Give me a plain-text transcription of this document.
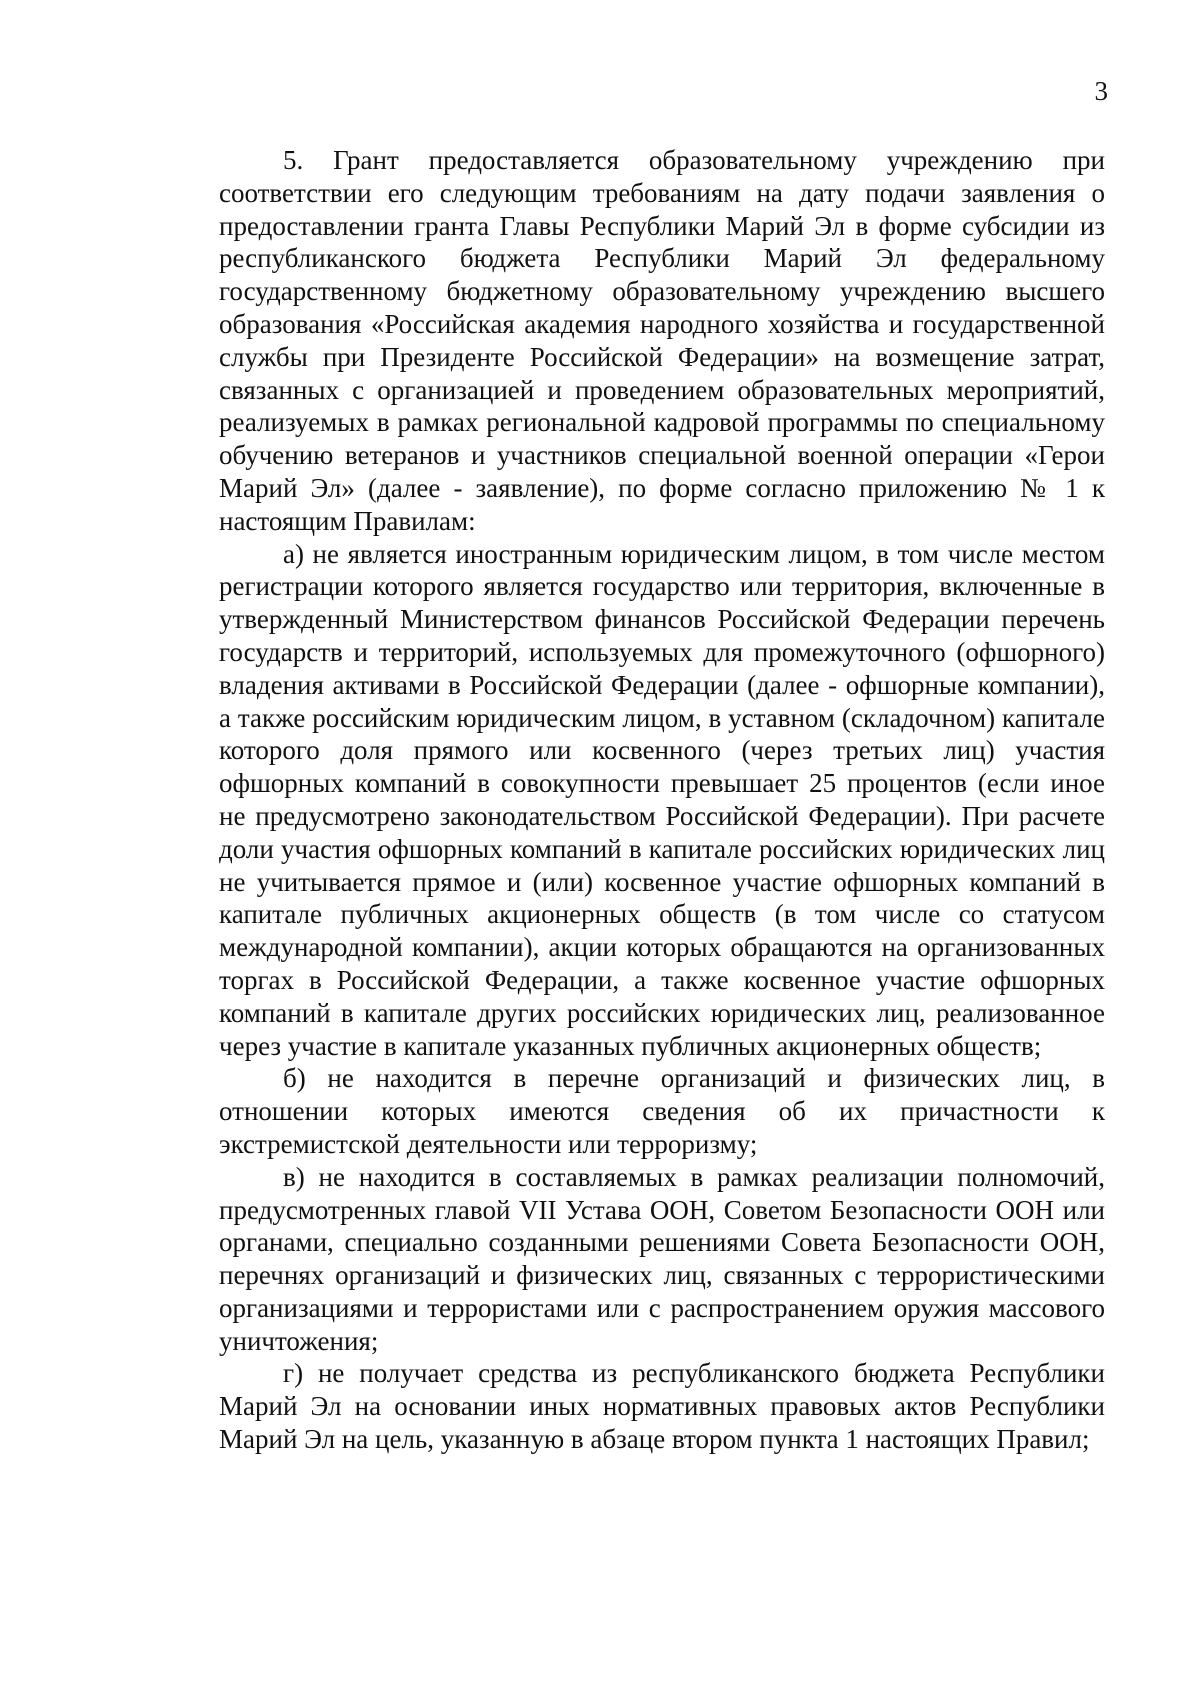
3

5. Грант предоставляется образовательному учреждению при соответствии его следующим требованиям на дату подачи заявления о предоставлении гранта Главы Республики Марий Эл в форме субсидии из республиканского бюджета Республики Марий Эл федеральному государственному бюджетному образовательному учреждению высшего образования «Российская академия народного хозяйства и государственной службы при Президенте Российской Федерации» на возмещение затрат, связанных с организацией и проведением образовательных мероприятий, реализуемых в рамках региональной кадровой программы по специальному обучению ветеранов и участников специальной военной операции «Герои Марий Эл» (далее - заявление), по форме согласно приложению № 1 к настоящим Правилам:

а) не является иностранным юридическим лицом, в том числе местом регистрации которого является государство или территория, включенные в утвержденный Министерством финансов Российской Федерации перечень государств и территорий, используемых для промежуточного (офшорного) владения активами в Российской Федерации (далее - офшорные компании), а также российским юридическим лицом, в уставном (складочном) капитале которого доля прямого или косвенного (через третьих лиц) участия офшорных компаний в совокупности превышает 25 процентов (если иное не предусмотрено законодательством Российской Федерации). При расчете доли участия офшорных компаний в капитале российских юридических лиц не учитывается прямое и (или) косвенное участие офшорных компаний в капитале публичных акционерных обществ (в том числе со статусом международной компании), акции которых обращаются на организованных торгах в Российской Федерации, а также косвенное участие офшорных компаний в капитале других российских юридических лиц, реализованное через участие в капитале указанных публичных акционерных обществ;

б) не находится в перечне организаций и физических лиц, в отношении которых имеются сведения об их причастности к экстремистской деятельности или терроризму;

в) не находится в составляемых в рамках реализации полномочий, предусмотренных главой VII Устава ООН, Советом Безопасности ООН или органами, специально созданными решениями Совета Безопасности ООН, перечнях организаций и физических лиц, связанных с террористическими организациями и террористами или с распространением оружия массового уничтожения;

г) не получает средства из республиканского бюджета Республики Марий Эл на основании иных нормативных правовых актов Республики Марий Эл на цель, указанную в абзаце втором пункта 1 настоящих Правил;
